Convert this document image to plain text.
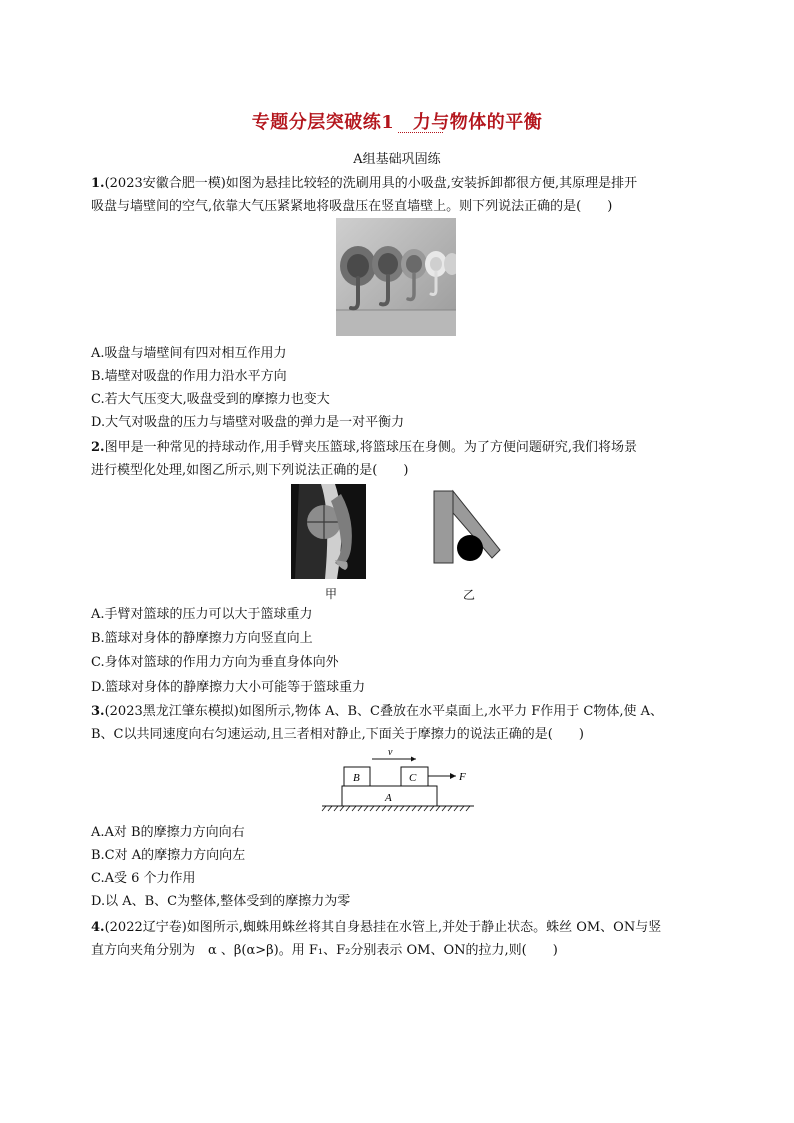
专题分层突破练1　力与物体的平衡
A组基础巩固练
1.(2023安徽合肥一模)如图为悬挂比较轻的洗刷用具的小吸盘,安装拆卸都很方便,其原理是排开
吸盘与墙壁间的空气,依靠大气压紧紧地将吸盘压在竖直墙壁上。则下列说法正确的是(　　)
A.吸盘与墙壁间有四对相互作用力
B.墙壁对吸盘的作用力沿水平方向
C.若大气压变大,吸盘受到的摩擦力也变大
D.大气对吸盘的压力与墙壁对吸盘的弹力是一对平衡力
2.图甲是一种常见的持球动作,用手臂夹压篮球,将篮球压在身侧。为了方便问题研究,我们将场景
进行模型化处理,如图乙所示,则下列说法正确的是(　　)
甲	乙
A.手臂对篮球的压力可以大于篮球重力
B.篮球对身体的静摩擦力方向竖直向上
C.身体对篮球的作用力方向为垂直身体向外
D.篮球对身体的静摩擦力大小可能等于篮球重力
3.(2023黑龙江肇东模拟)如图所示,物体 A、B、C叠放在水平桌面上,水平力 F作用于 C物体,使 A、
B、C以共同速度向右匀速运动,且三者相对静止,下面关于摩擦力的说法正确的是(　　)
v
B	C	F
A
A.A对 B的摩擦力方向向右
B.C对 A的摩擦力方向向左
C.A受 6 个力作用
D.以 A、B、C为整体,整体受到的摩擦力为零
4.(2022辽宁卷)如图所示,蜘蛛用蛛丝将其自身悬挂在水管上,并处于静止状态。蛛丝 OM、ON与竖
直方向夹角分别为　α 、β(α>β)。用 F₁、F₂分别表示 OM、ON的拉力,则(　　)
